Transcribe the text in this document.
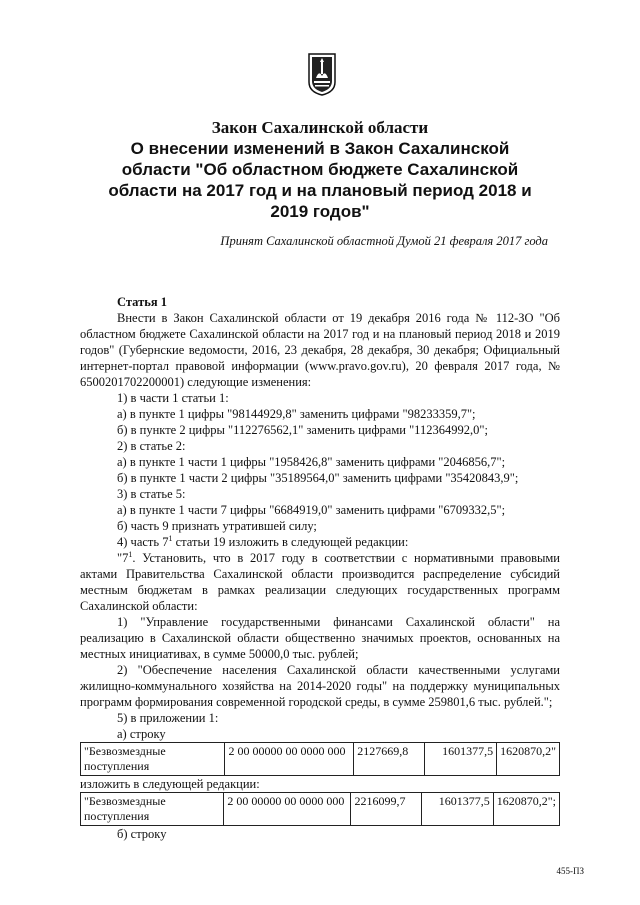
Закон Сахалинской области
О внесении изменений в Закон Сахалинской
области "Об областном бюджете Сахалинской
области на 2017 год и на плановый период 2018 и
2019 годов"
Принят Сахалинской областной Думой 21 февраля 2017 года

Статья 1

Внести в Закон Сахалинской области от 19 декабря 2016 года № 112-ЗО "Об областном бюджете Сахалинской области на 2017 год и на плановый период 2018 и 2019 годов" (Губернские ведомости, 2016, 23 декабря, 28 декабря, 30 декабря; Официальный интернет-портал правовой информации (www.pravo.gov.ru), 20 февраля 2017 года, № 6500201702200001) следующие изменения:

1) в части 1 статьи 1:

а) в пункте 1 цифры "98144929,8" заменить цифрами "98233359,7";

б) в пункте 2 цифры "112276562,1" заменить цифрами "112364992,0";

2) в статье 2:

а) в пункте 1 части 1 цифры "1958426,8" заменить цифрами "2046856,7";

б) в пункте 1 части 2 цифры "35189564,0" заменить цифрами "35420843,9";

3) в статье 5:

а) в пункте 1 части 7 цифры "6684919,0" заменить цифрами "6709332,5";

б) часть 9 признать утратившей силу;

4) часть $7^1$ статьи 19 изложить в следующей редакции:

"$7^1$. Установить, что в 2017 году в соответствии с нормативными правовыми актами Правительства Сахалинской области производится распределение субсидий местным бюджетам в рамках реализации следующих государственных программ Сахалинской области:

1) "Управление государственными финансами Сахалинской области" на реализацию в Сахалинской области общественно значимых проектов, основанных на местных инициативах, в сумме 50000,0 тыс. рублей;

2) "Обеспечение населения Сахалинской области качественными услугами жилищно-коммунального хозяйства на 2014-2020 годы" на поддержку муниципальных программ формирования современной городской среды, в сумме 259801,6 тыс. рублей.";

5) в приложении 1:

а) строку

"Безвозмездные поступления	2 00 00000 00 0000 000	2127669,8	1601377,5	1620870,2"

изложить в следующей редакции:

"Безвозмездные поступления	2 00 00000 00 0000 000	2216099,7	1601377,5	1620870,2";

б) строку

455-ПЗ
